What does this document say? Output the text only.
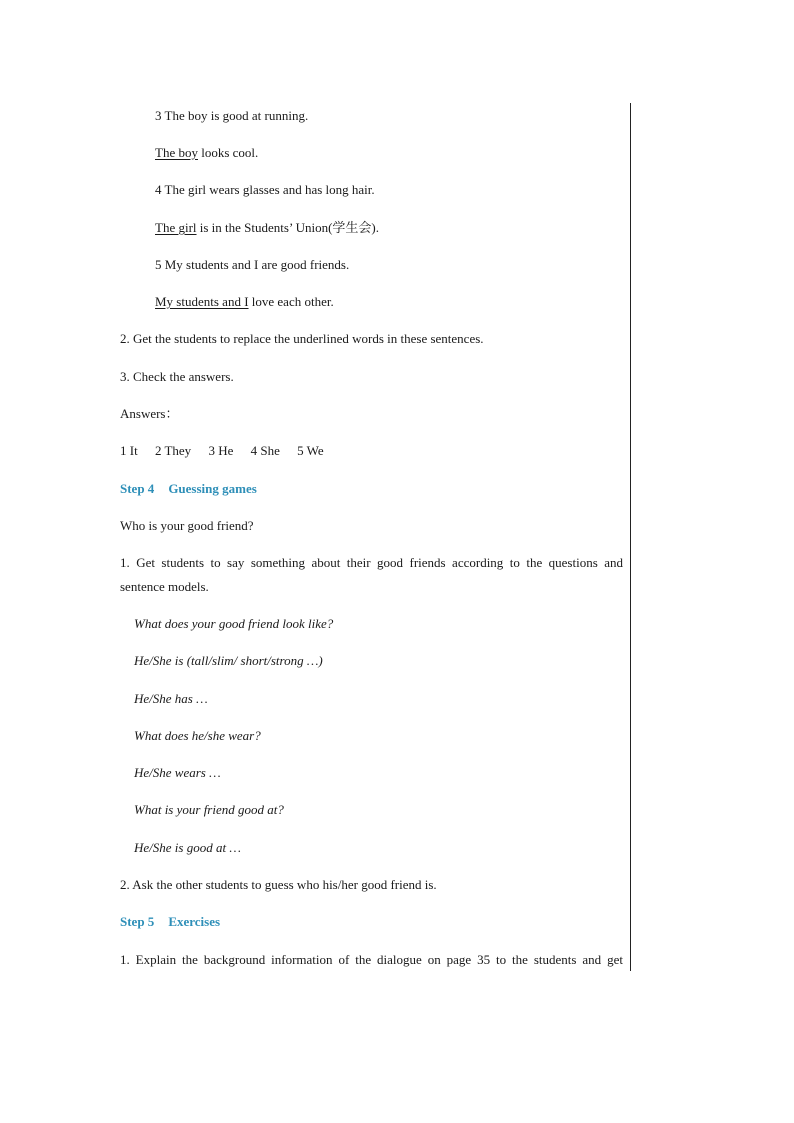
3 The boy is good at running.
The boy looks cool.
4 The girl wears glasses and has long hair.
The girl is in the Students’ Union(学生会).
5 My students and I are good friends.
My students and I love each other.
2. Get the students to replace the underlined words in these sentences.
3. Check the answers.
Answers：
1 It 2 They 3 He 4 She 5 We
Step 4 Guessing games
Who is your good friend?
1. Get students to say something about their good friends according to the questions and
sentence models.
What does your good friend look like?
He/She is (tall/slim/ short/strong …)
He/She has …
What does he/she wear?
He/She wears …
What is your friend good at?
He/She is good at …
2. Ask the other students to guess who his/her good friend is.
Step 5 Exercises
1. Explain the background information of the dialogue on page 35 to the students and get
